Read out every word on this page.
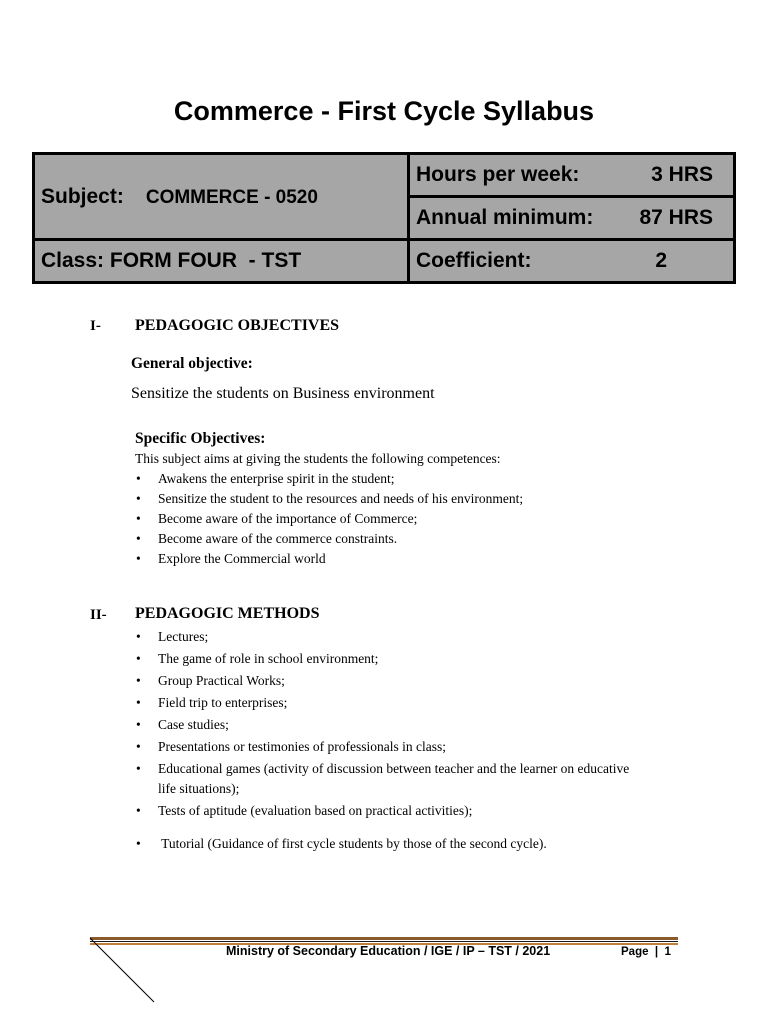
Commerce - First Cycle Syllabus
Subject: COMMERCE - 0520	Hours per week: 3 HRS

	Annual minimum: 87 HRS

Class: FORM FOUR  - TST	Coefficient: 2
I- PEDAGOGIC OBJECTIVES
General objective:
Sensitize the students on Business environment
Specific Objectives:
This subject aims at giving the students the following competences:
• Awakens the enterprise spirit in the student;
• Sensitize the student to the resources and needs of his environment;
• Become aware of the importance of Commerce;
• Become aware of the commerce constraints.
• Explore the Commercial world
II- PEDAGOGIC METHODS
• Lectures;
• The game of role in school environment;
• Group Practical Works;
• Field trip to enterprises;
• Case studies;
• Presentations or testimonies of professionals in class;
• Educational games (activity of discussion between teacher and the learner on educative life situations);
• Tests of aptitude (evaluation based on practical activities);
•  Tutorial (Guidance of first cycle students by those of the second cycle).
Ministry of Secondary Education / IGE / IP – TST / 2021	Page  |  1
